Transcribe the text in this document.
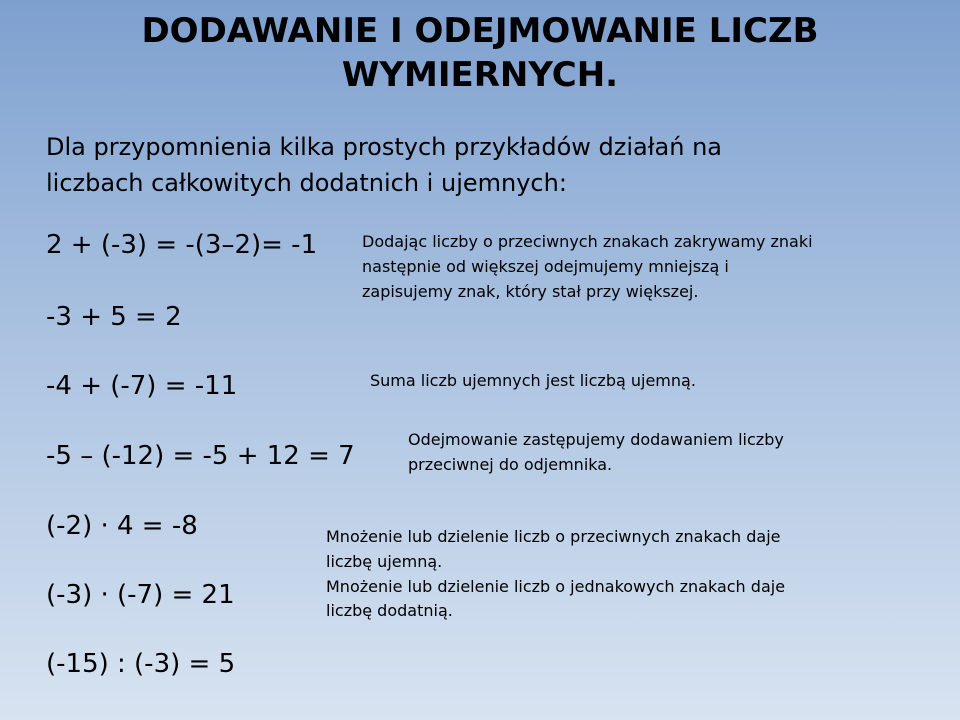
DODAWANIE I ODEJMOWANIE LICZB
WYMIERNYCH.

Dla przypomnienia kilka prostych przykładów działań na
liczbach całkowitych dodatnich i ujemnych:

2 + (-3) = -(3–2)= -1
-3 + 5 = 2
-4 + (-7) = -11
-5 – (-12) = -5 + 12 = 7
(-2) · 4 = -8
(-3) · (-7) = 21
(-15) : (-3) = 5
Dodając liczby o przeciwnych znakach zakrywamy znaki
następnie od większej odejmujemy mniejszą i
zapisujemy znak, który stał przy większej.
Suma liczb ujemnych jest liczbą ujemną.
Odejmowanie zastępujemy dodawaniem liczby
przeciwnej do odjemnika.
Mnożenie lub dzielenie liczb o przeciwnych znakach daje
liczbę ujemną.
Mnożenie lub dzielenie liczb o jednakowych znakach daje
liczbę dodatnią.
